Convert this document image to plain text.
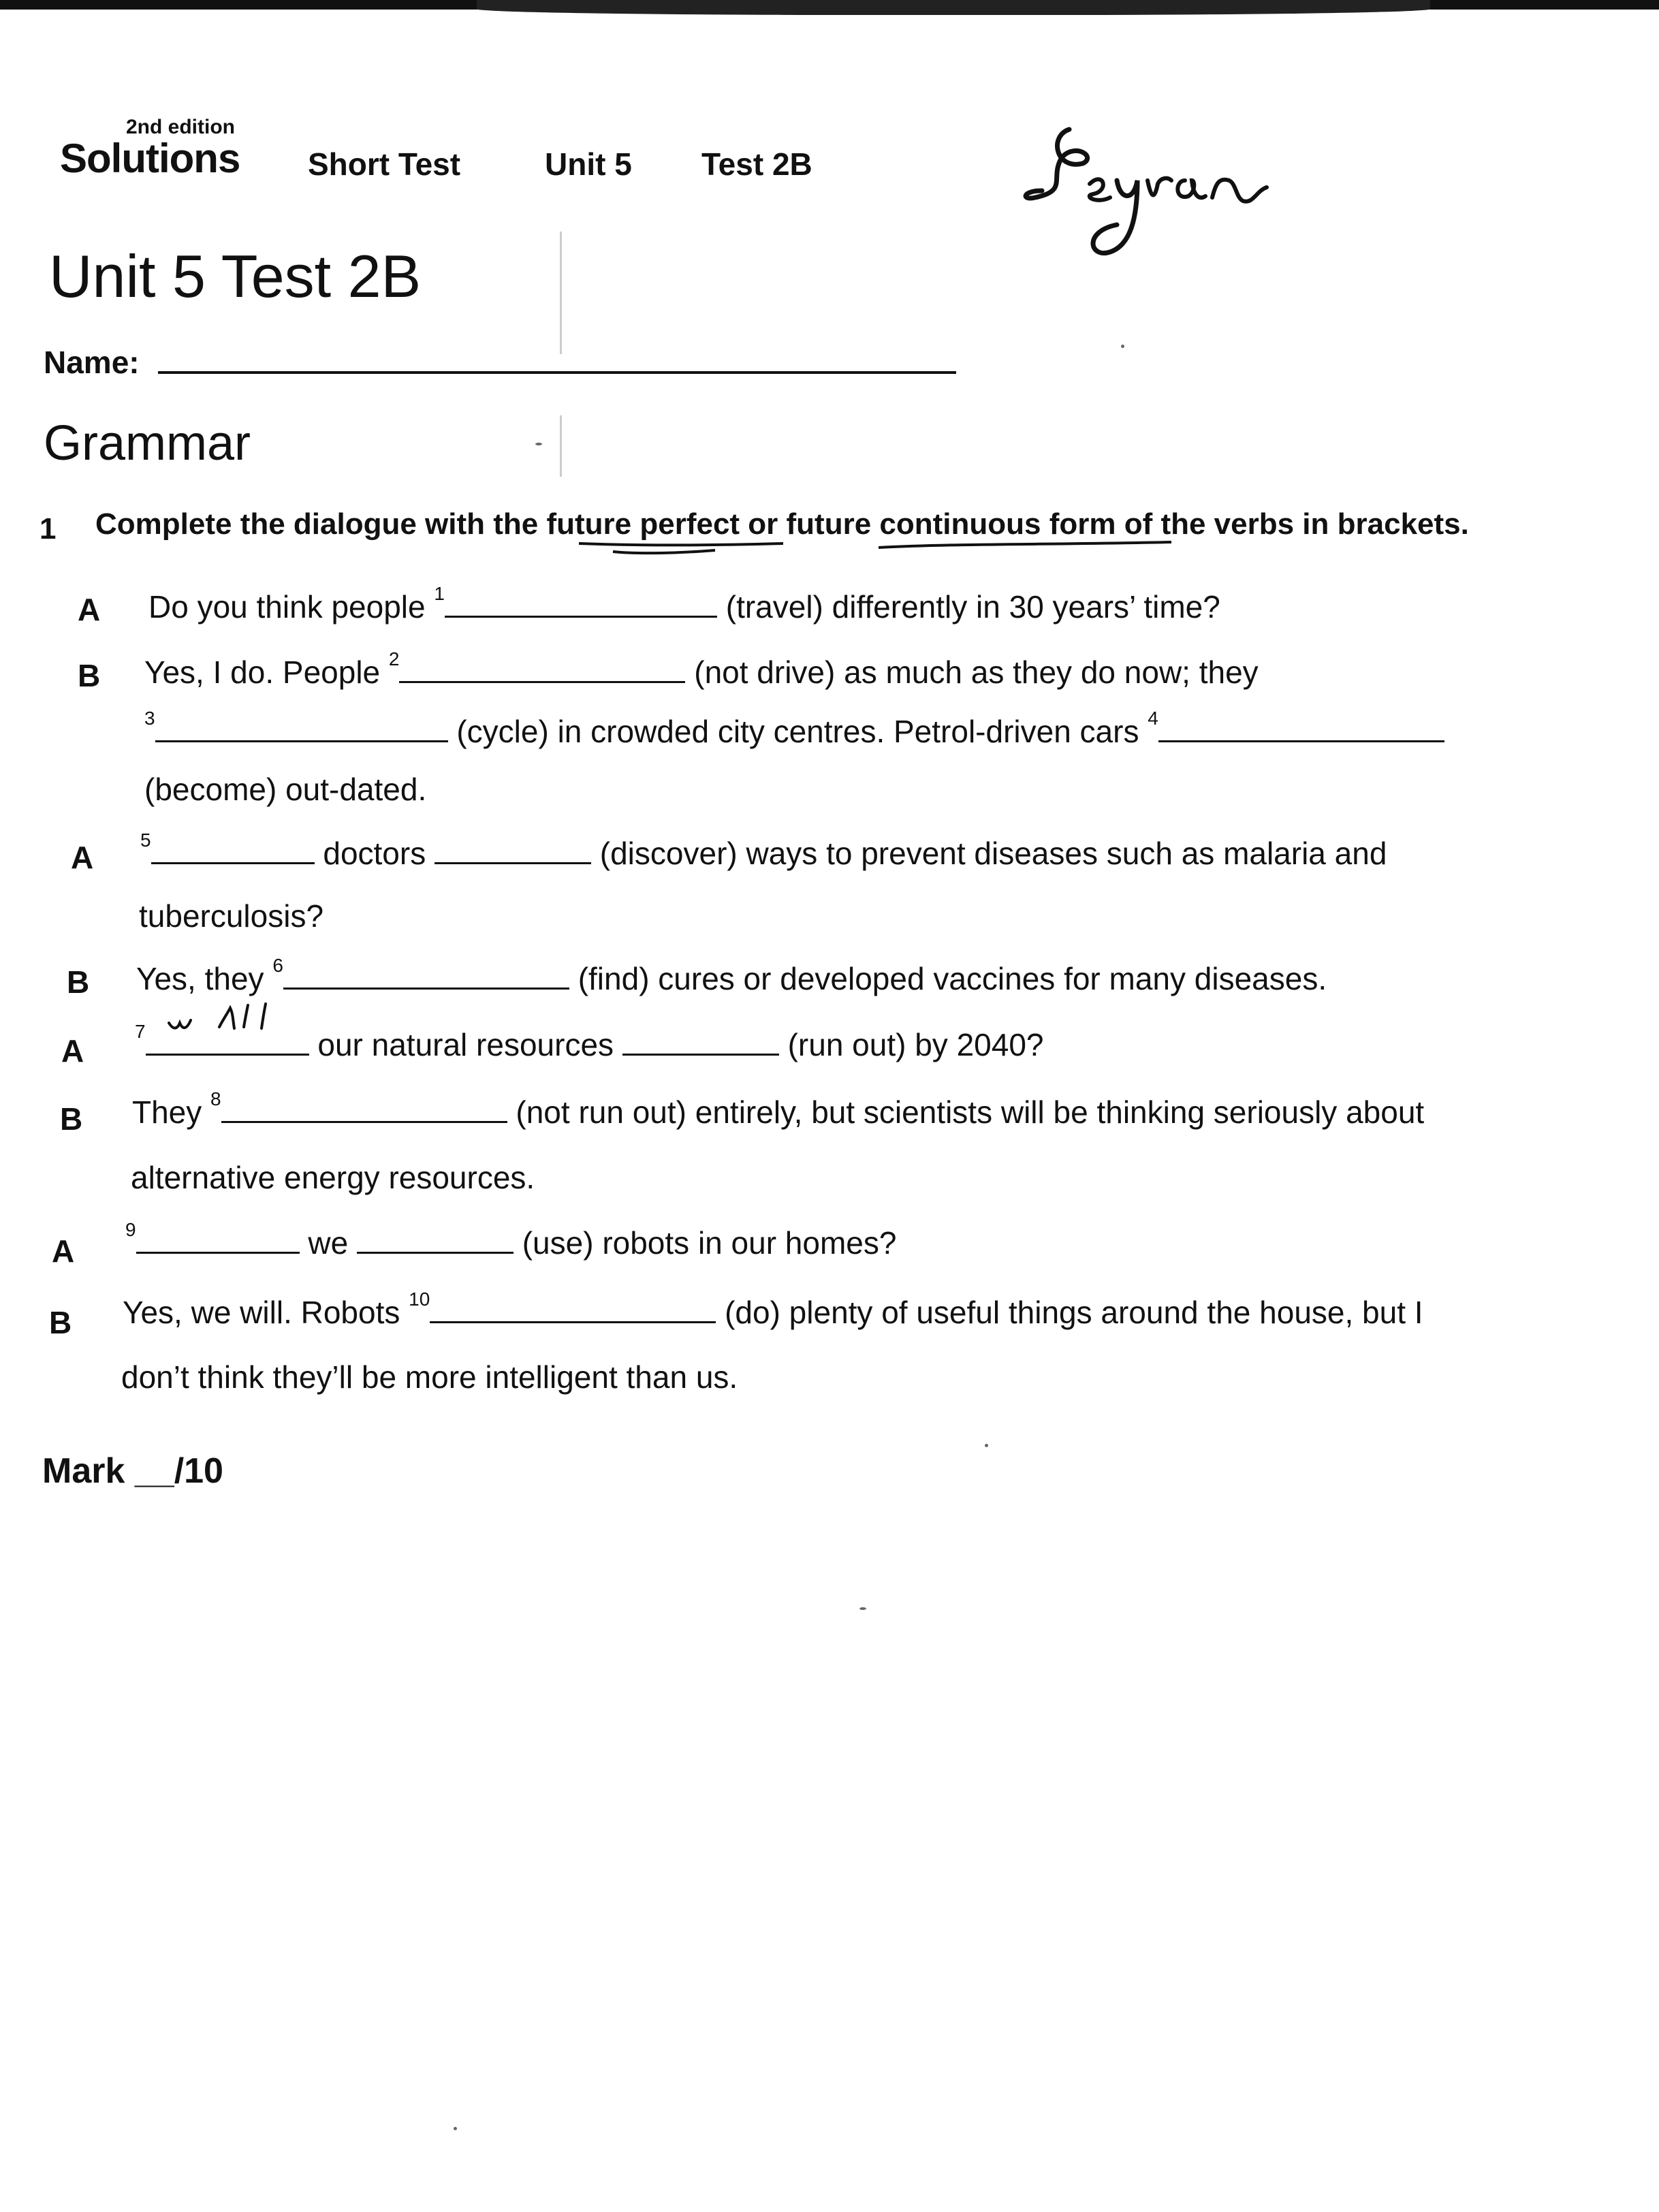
2nd edition
Solutions Short Test	Unit 5 Test 2B
Unit 5 Test 2B
Name:
Grammar
1 Complete the dialogue with the future perfect or future continuous form of the verbs in brackets.
A Do you think people $^1$	(travel) differently in 30 years’ time?
B Yes, I do. People $^2$	(not drive) as much as they do now; they
$^3$	(cycle) in crowded city centres. Petrol-driven cars $^4$
(become) out-dated.
A $^5$	doctors	(discover) ways to prevent diseases such as malaria and
tuberculosis?
B Yes, they $^6$	(find) cures or developed vaccines for many diseases.
A
$^7$	our natural resources	(run out) by 2040?
B They $^8$	(not run out) entirely, but scientists will be thinking seriously about
alternative energy resources.
A
$^9$	we	(use) robots in our homes?
B Yes, we will. Robots $^{10}$	(do) plenty of useful things around the house, but I
don’t think they’ll be more intelligent than us.
Mark __/10
